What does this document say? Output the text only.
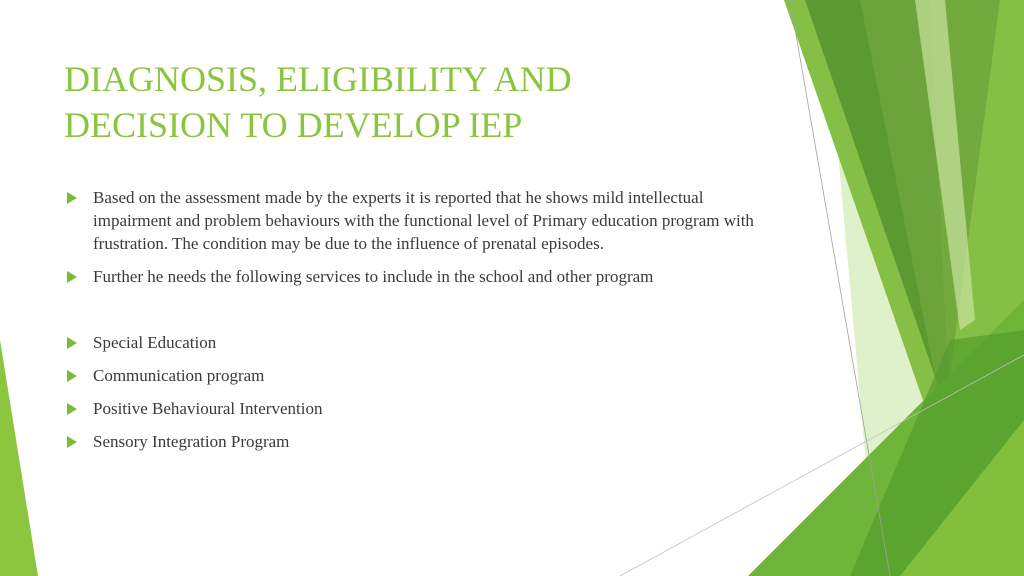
DIAGNOSIS, ELIGIBILITY AND
DECISION TO DEVELOP IEP
Based on the assessment made by the experts it is reported that he shows mild intellectual impairment and problem behaviours with the functional level of Primary education program with frustration. The condition may be due to the influence of prenatal episodes.
Further he needs the following services to include in the school and other program
Special Education
Communication program
Positive Behavioural Intervention
Sensory Integration Program
